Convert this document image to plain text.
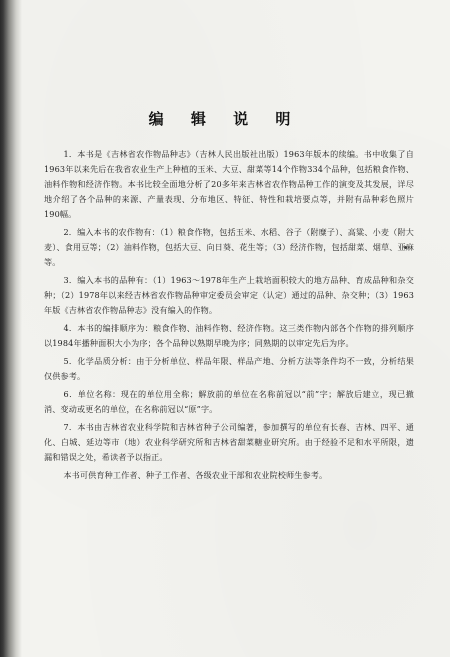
编 辑 说 明

1．本书是《吉林省农作物品种志》（吉林人民出版社出版）1963年版本的续编。书中收集了自1963年以来先后在我省农业生产上种植的玉米、大豆、甜菜等14个作物334个品种，包括粮食作物、油料作物和经济作物。本书比较全面地分析了20多年来吉林省农作物品种工作的演变及其发展，详尽地介绍了各个品种的来源、产量表现、分布地区、特征、特性和栽培要点等，并附有品种彩色照片190幅。

2．编入本书的农作物有：（1）粮食作物，包括玉米、水稻、谷子（附糜子）、高粱、小麦（附大麦）、食用豆等；（2）油料作物，包括大豆、向日葵、花生等；（3）经济作物，包括甜菜、烟草、亚麻等。

3．编入本书的品种有：（1）1963～1978年生产上栽培面积较大的地方品种、育成品种和杂交种；（2）1978年以来经吉林省农作物品种审定委员会审定（认定）通过的品种、杂交种；（3）1963年版《吉林省农作物品种志》没有编入的作物。

4．本书的编排顺序为：粮食作物、油料作物、经济作物。这三类作物内部各个作物的排列顺序以1984年播种面积大小为序；各个品种以熟期早晚为序；同熟期的以审定先后为序。

5．化学品质分析：由于分析单位、样品年限、样品产地、分析方法等条件均不一致，分析结果仅供参考。

6．单位名称：现在的单位用全称；解放前的单位在名称前冠以“前”字；解放后建立，现已撤消、变动或更名的单位，在名称前冠以“原”字。

7．本书由吉林省农业科学院和吉林省种子公司编著，参加撰写的单位有长春、吉林、四平、通化、白城、延边等市（地）农业科学研究所和吉林省甜菜糖业研究所。由于经验不足和水平所限，遗漏和错误之处，希读者予以指正。

本书可供育种工作者、种子工作者、各级农业干部和农业院校师生参考。
